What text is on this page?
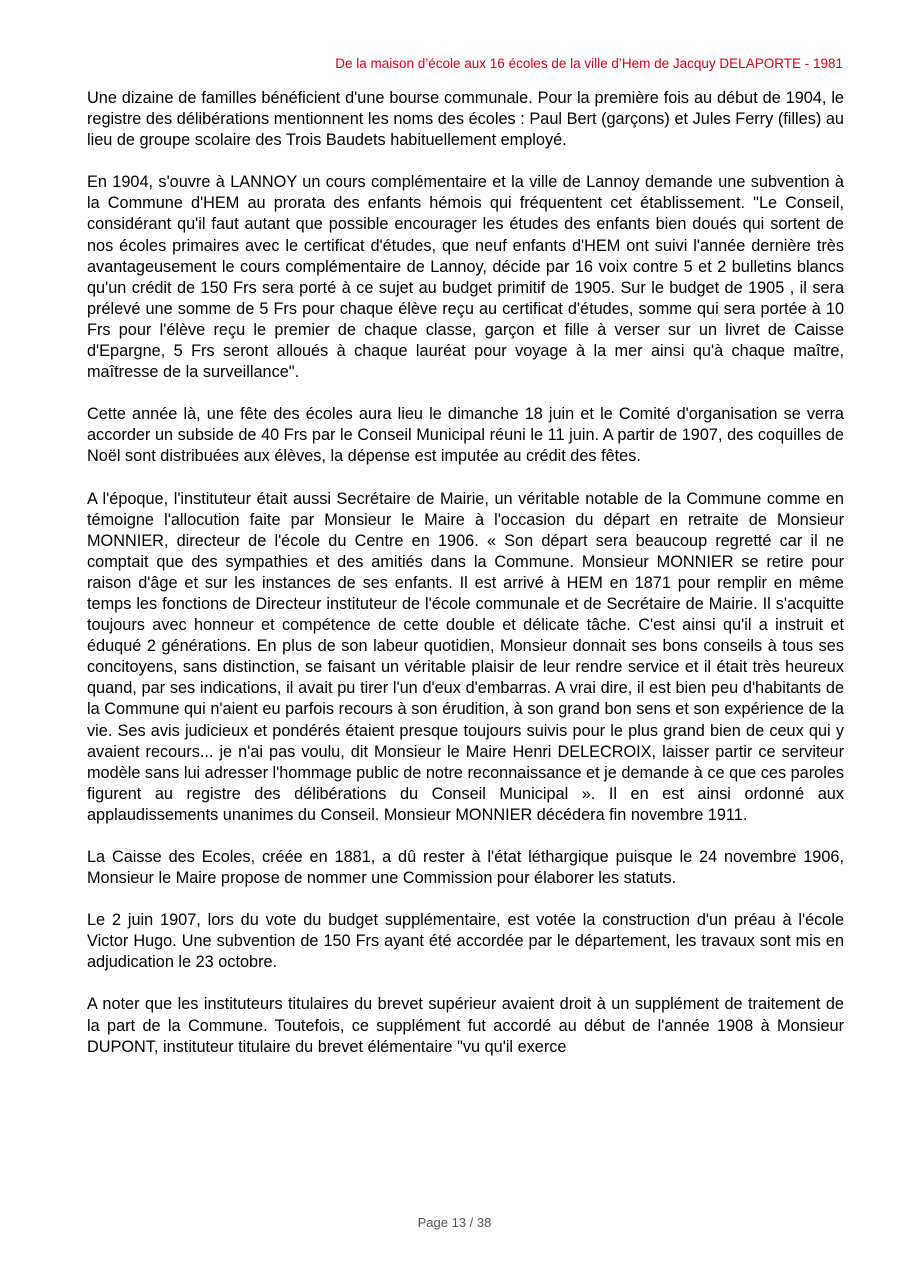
De la maison d’école aux 16 écoles de la ville d’Hem de Jacquy DELAPORTE - 1981

Une dizaine de familles bénéficient d'une bourse communale. Pour la première fois au début de 1904, le registre des délibérations mentionnent les noms des écoles : Paul Bert (garçons) et Jules Ferry (filles) au lieu de groupe scolaire des Trois Baudets habituellement employé.

En 1904, s'ouvre à LANNOY un cours complémentaire et la ville de Lannoy demande une subvention à la Commune d'HEM au prorata des enfants hémois qui fréquentent cet établissement. "Le Conseil, considérant qu'il faut autant que possible encourager les études des enfants bien doués qui sortent de nos écoles primaires avec le certificat d'études, que neuf enfants d'HEM ont suivi l'année dernière très avantageusement le cours complémentaire de Lannoy, décide par 16 voix contre 5 et 2 bulletins blancs qu'un crédit de 150 Frs sera porté à ce sujet au budget primitif de 1905. Sur le budget de 1905 , il sera prélevé une somme de 5 Frs pour chaque élève reçu au certificat d'études, somme qui sera portée à 10 Frs pour l'élève reçu le premier de chaque classe, garçon et fille à verser sur un livret de Caisse d'Epargne, 5 Frs seront alloués à chaque lauréat pour voyage à la mer ainsi qu'à chaque maître, maîtresse de la surveillance".

Cette année là, une fête des écoles aura lieu le dimanche 18 juin et le Comité d'organisation se verra accorder un subside de 40 Frs par le Conseil Municipal réuni le 11 juin. A partir de 1907, des coquilles de Noël sont distribuées aux élèves, la dépense est imputée au crédit des fêtes.

A l'époque, l'instituteur était aussi Secrétaire de Mairie, un véritable notable de la Commune comme en témoigne l'allocution faite par Monsieur le Maire à l'occasion du départ en retraite de Monsieur MONNIER, directeur de l'école du Centre en 1906. « Son départ sera beaucoup regretté car il ne comptait que des sympathies et des amitiés dans la Commune. Monsieur MONNIER se retire pour raison d'âge et sur les instances de ses enfants. Il est arrivé à HEM en 1871 pour remplir en même temps les fonctions de Directeur instituteur de l'école communale et de Secrétaire de Mairie. Il s'acquitte toujours avec honneur et compétence de cette double et délicate tâche. C'est ainsi qu'il a instruit et éduqué 2 générations. En plus de son labeur quotidien, Monsieur donnait ses bons conseils à tous ses concitoyens, sans distinction, se faisant un véritable plaisir de leur rendre service et il était très heureux quand, par ses indications, il avait pu tirer l'un d'eux d'embarras. A vrai dire, il est bien peu d'habitants de la Commune qui n'aient eu parfois recours à son érudition, à son grand bon sens et son expérience de la vie. Ses avis judicieux et pondérés étaient presque toujours suivis pour le plus grand bien de ceux qui y avaient recours... je n'ai pas voulu, dit Monsieur le Maire Henri DELECROIX, laisser partir ce serviteur modèle sans lui adresser l'hommage public de notre reconnaissance et je demande à ce que ces paroles figurent au registre des délibérations du Conseil Municipal ». Il en est ainsi ordonné aux applaudissements unanimes du Conseil. Monsieur MONNIER décédera fin novembre 1911.

La Caisse des Ecoles, créée en 1881, a dû rester à l'état léthargique puisque le 24 novembre 1906, Monsieur le Maire propose de nommer une Commission pour élaborer les statuts.

Le 2 juin 1907, lors du vote du budget supplémentaire, est votée la construction d'un préau à l'école Victor Hugo. Une subvention de 150 Frs ayant été accordée par le département, les travaux sont mis en adjudication le 23 octobre.

A noter que les instituteurs titulaires du brevet supérieur avaient droit à un supplément de traitement de la part de la Commune. Toutefois, ce supplément fut accordé au début de l'année 1908 à Monsieur DUPONT, instituteur titulaire du brevet élémentaire "vu qu'il exerce

Page 13 / 38
